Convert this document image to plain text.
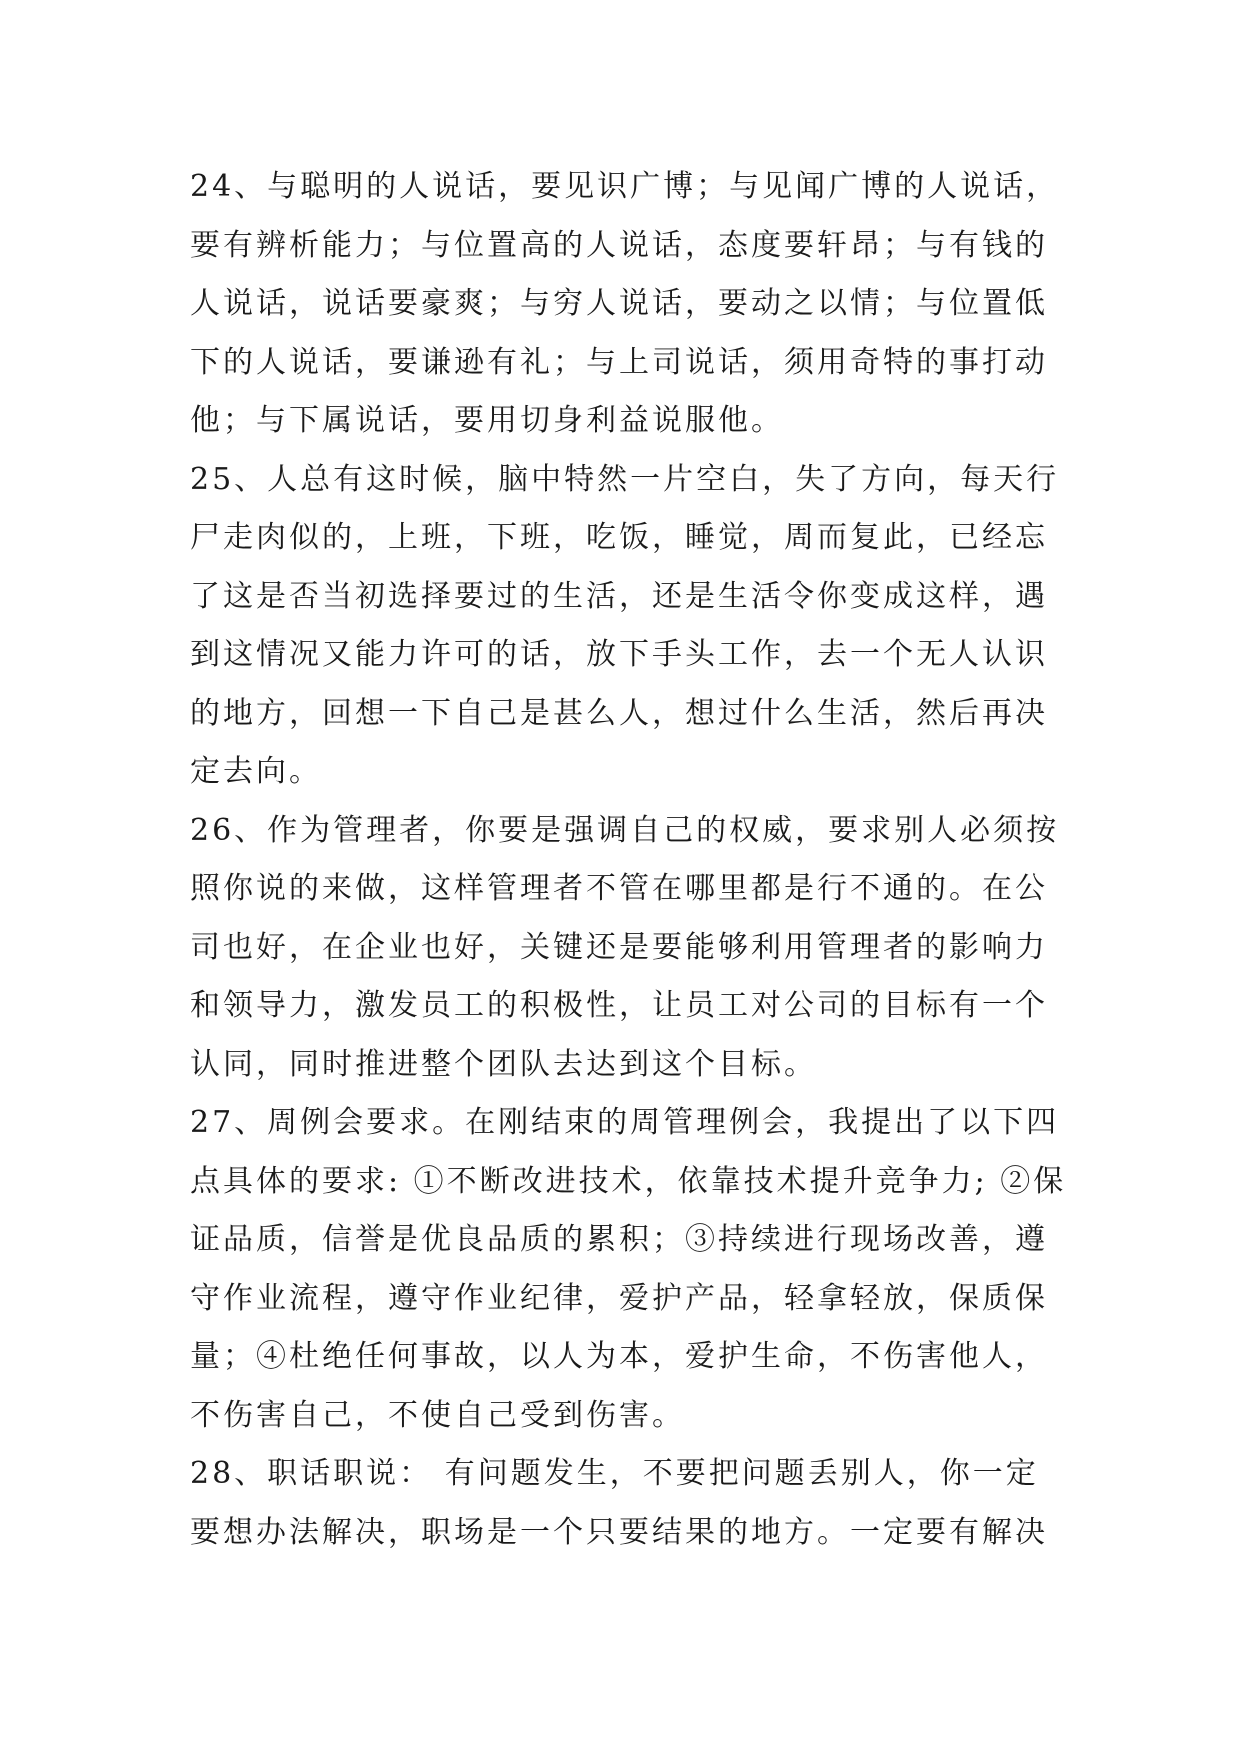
24、与聪明的人说话，要见识广博；与见闻广博的人说话，
要有辨析能力；与位置高的人说话，态度要轩昂；与有钱的
人说话，说话要豪爽；与穷人说话，要动之以情；与位置低
下的人说话，要谦逊有礼；与上司说话，须用奇特的事打动
他；与下属说话，要用切身利益说服他。
25、人总有这时候，脑中特然一片空白，失了方向，每天行
尸走肉似的，上班，下班，吃饭，睡觉，周而复此，已经忘
了这是否当初选择要过的生活，还是生活令你变成这样，遇
到这情况又能力许可的话，放下手头工作，去一个无人认识
的地方，回想一下自己是甚么人，想过什么生活，然后再决
定去向。
26、作为管理者，你要是强调自己的权威，要求别人必须按
照你说的来做，这样管理者不管在哪里都是行不通的。在公
司也好，在企业也好，关键还是要能够利用管理者的影响力
和领导力，激发员工的积极性，让员工对公司的目标有一个
认同，同时推进整个团队去达到这个目标。
27、周例会要求。在刚结束的周管理例会，我提出了以下四
点具体的要求: ①不断改进技术，依靠技术提升竞争力; ②保
证品质，信誉是优良品质的累积；③持续进行现场改善，遵
守作业流程，遵守作业纪律，爱护产品，轻拿轻放，保质保
量；④杜绝任何事故，以人为本，爱护生命，不伤害他人，
不伤害自己，不使自己受到伤害。
28、职话职说： 有问题发生，不要把问题丢别人，你一定
要想办法解决，职场是一个只要结果的地方。一定要有解决
